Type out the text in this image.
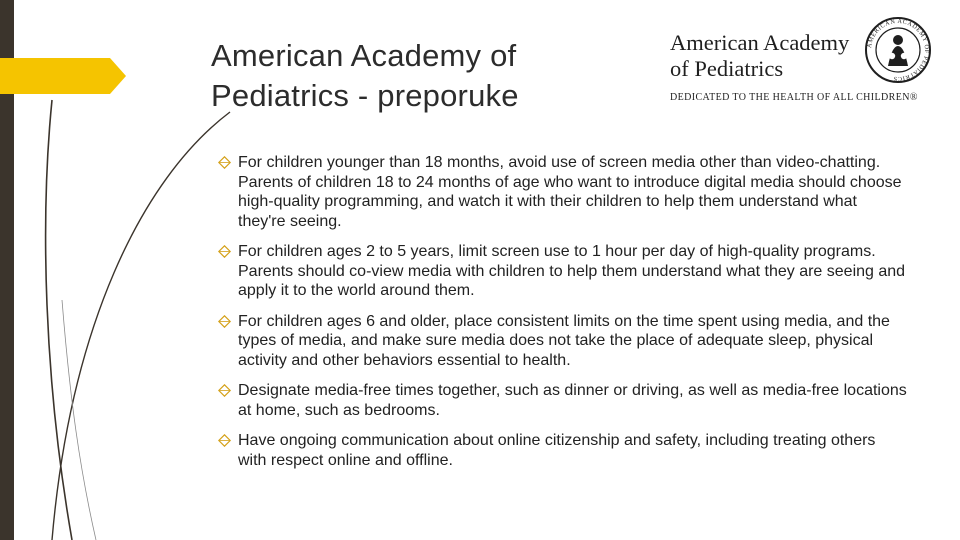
American Academy of Pediatrics - preporuke
American Academy of Pediatrics
AMERICAN ACADEMY OF PEDIATRICS
DEDICATED TO THE HEALTH OF ALL CHILDREN®
For children younger than 18 months, avoid use of screen media other than video-chatting. Parents of children 18 to 24 months of age who want to introduce digital media should choose high-quality programming, and watch it with their children to help them understand what they're seeing.
For children ages 2 to 5 years, limit screen use to 1 hour per day of high-quality programs. Parents should co-view media with children to help them understand what they are seeing and apply it to the world around them.
For children ages 6 and older, place consistent limits on the time spent using media, and the types of media, and make sure media does not take the place of adequate sleep, physical activity and other behaviors essential to health.
Designate media-free times together, such as dinner or driving, as well as media-free locations at home, such as bedrooms.
Have ongoing communication about online citizenship and safety, including treating others with respect online and offline.
